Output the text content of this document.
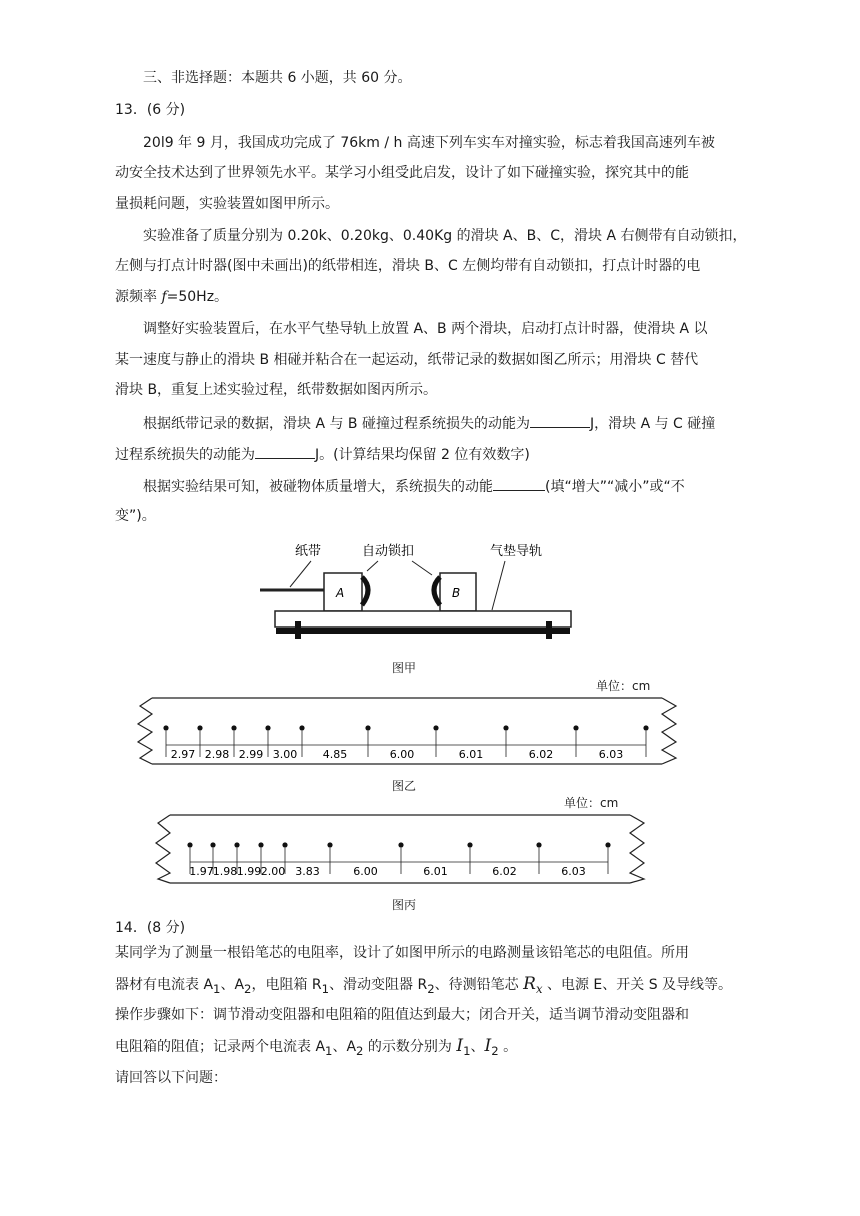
三、非选择题：本题共 6 小题，共 60 分。
13．(6 分)
20l9 年 9 月，我国成功完成了 76km / h 高速下列车实车对撞实验，标志着我国高速列车被
动安全技术达到了世界领先水平。某学习小组受此启发，设计了如下碰撞实验，探究其中的能
量损耗问题，实验装置如图甲所示。
实验准备了质量分别为 0.20k、0.20kg、0.40Kg 的滑块 A、B、C，滑块 A 右侧带有自动锁扣，
左侧与打点计时器(图中未画出)的纸带相连，滑块 B、C 左侧均带有自动锁扣，打点计时器的电
源频率 f=50Hz。
调整好实验装置后，在水平气垫导轨上放置 A、B 两个滑块，启动打点计时器，使滑块 A 以
某一速度与静止的滑块 B 相碰并粘合在一起运动，纸带记录的数据如图乙所示；用滑块 C 替代
滑块 B，重复上述实验过程，纸带数据如图丙所示。
根据纸带记录的数据，滑块 A 与 B 碰撞过程系统损失的动能为	J，滑块 A 与 C 碰撞
过程系统损失的动能为	J。(计算结果均保留 2 位有效数字)
根据实验结果可知，被碰物体质量增大，系统损失的动能	(填“增大”“减小”或“不
变”)。
纸带	自动锁扣	气垫导轨
A	B
图甲
单位：cm
2.97 2.98 2.99 3.00 4.85	6.00	6.01	6.02	6.03
图乙
单位：cm
1.97 1.98 1.99 2.00 3.83	6.00	6.01	6.02	6.03
图丙
14．(8 分)
某同学为了测量一根铅笔芯的电阻率，设计了如图甲所示的电路测量该铅笔芯的电阻值。所用
器材有电流表 $A_1$、$A_2$，电阻箱 $R_1$、滑动变阻器 $R_2$、待测铅笔芯 $R_x$ 、电源 E、开关 S 及导线等。
操作步骤如下：调节滑动变阻器和电阻箱的阻值达到最大；闭合开关，适当调节滑动变阻器和
电阻箱的阻值；记录两个电流表 $A_1$、$A_2$ 的示数分别为 $I_1$、$I_2$ 。
请回答以下问题：
